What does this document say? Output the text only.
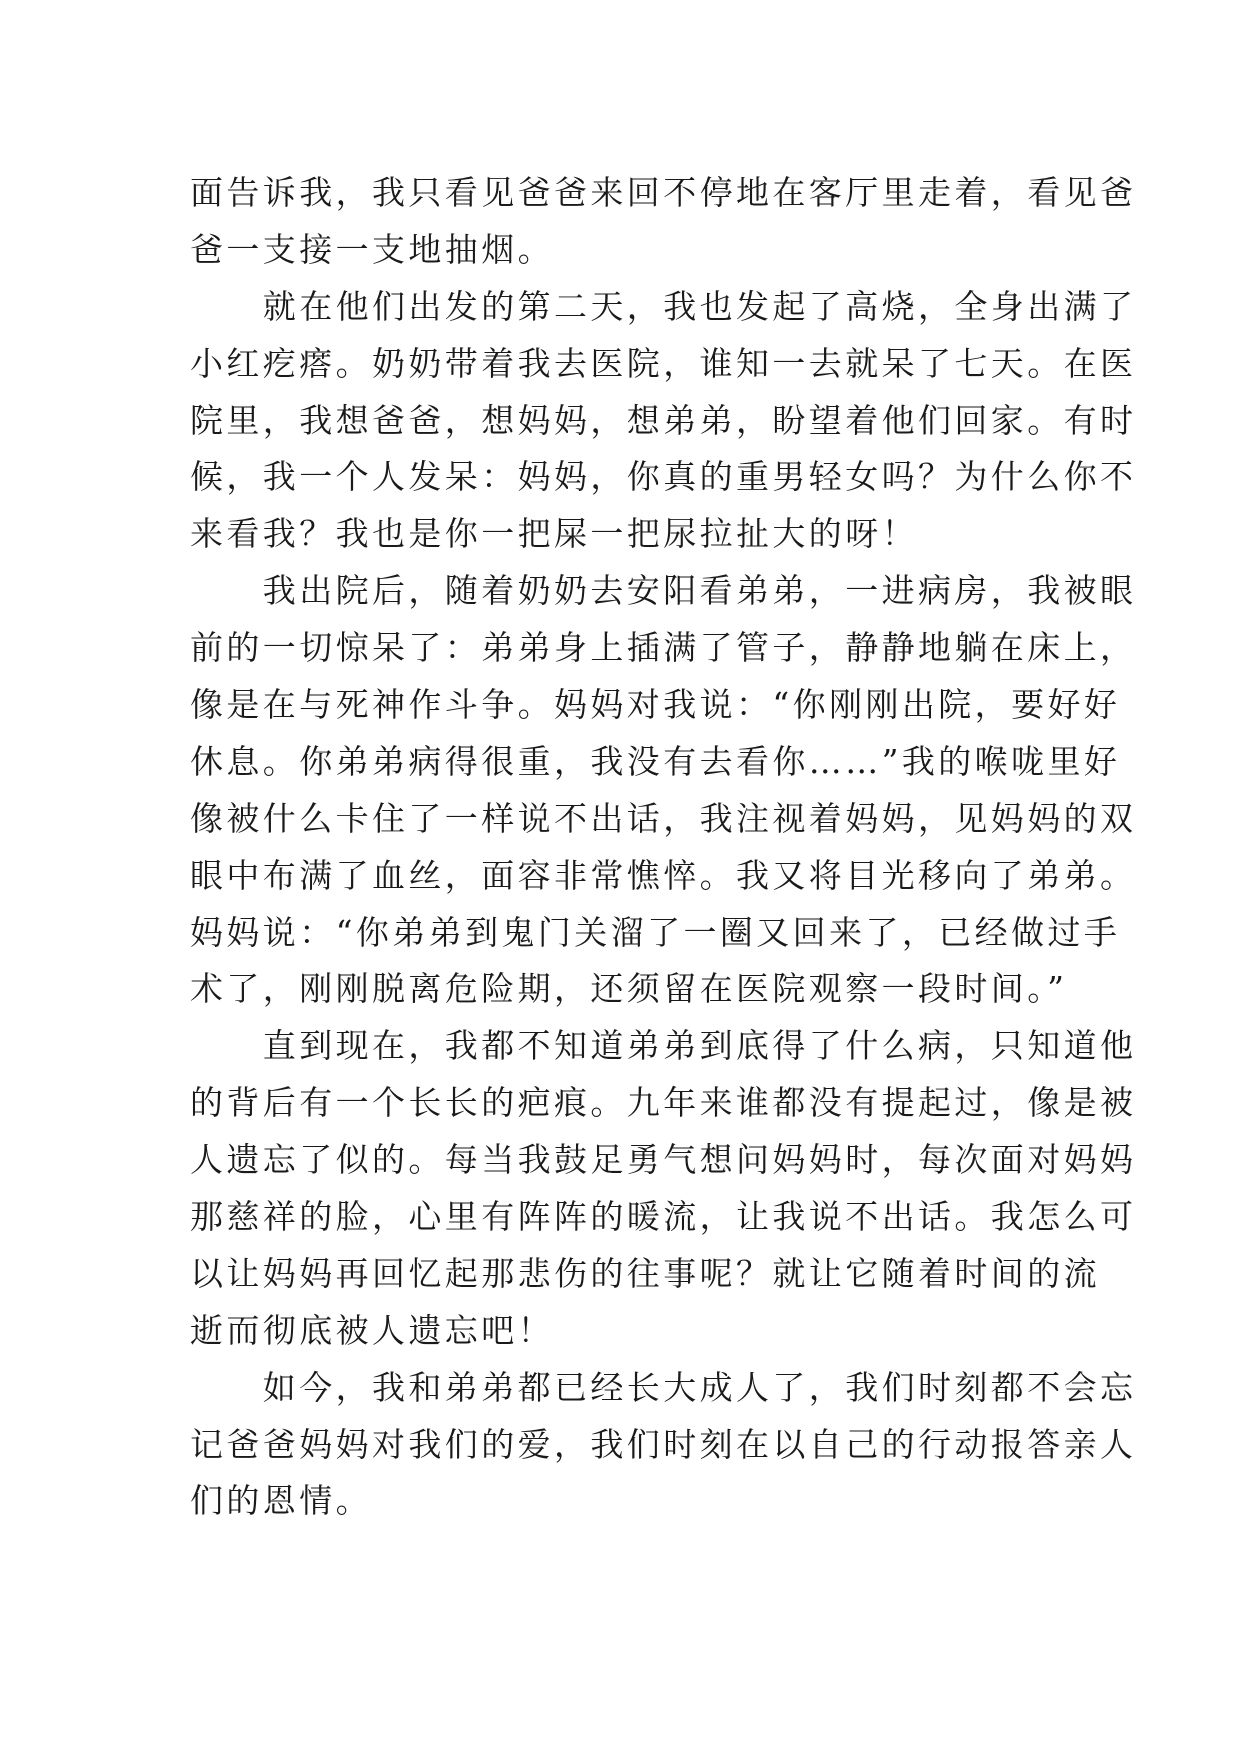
面告诉我，我只看见爸爸来回不停地在客厅里走着，看见爸
爸一支接一支地抽烟。
　　就在他们出发的第二天，我也发起了高烧，全身出满了
小红疙瘩。奶奶带着我去医院，谁知一去就呆了七天。在医
院里，我想爸爸，想妈妈，想弟弟，盼望着他们回家。有时
候，我一个人发呆：妈妈，你真的重男轻女吗？为什么你不
来看我？我也是你一把屎一把尿拉扯大的呀！
　　我出院后，随着奶奶去安阳看弟弟，一进病房，我被眼
前的一切惊呆了：弟弟身上插满了管子，静静地躺在床上，
像是在与死神作斗争。妈妈对我说：“你刚刚出院，要好好
休息。你弟弟病得很重，我没有去看你……”我的喉咙里好
像被什么卡住了一样说不出话，我注视着妈妈，见妈妈的双
眼中布满了血丝，面容非常憔悴。我又将目光移向了弟弟。
妈妈说：“你弟弟到鬼门关溜了一圈又回来了，已经做过手
术了，刚刚脱离危险期，还须留在医院观察一段时间。”
　　直到现在，我都不知道弟弟到底得了什么病，只知道他
的背后有一个长长的疤痕。九年来谁都没有提起过，像是被
人遗忘了似的。每当我鼓足勇气想问妈妈时，每次面对妈妈
那慈祥的脸，心里有阵阵的暖流，让我说不出话。我怎么可
以让妈妈再回忆起那悲伤的往事呢？就让它随着时间的流
逝而彻底被人遗忘吧！
　　如今，我和弟弟都已经长大成人了，我们时刻都不会忘
记爸爸妈妈对我们的爱，我们时刻在以自己的行动报答亲人
们的恩情。
